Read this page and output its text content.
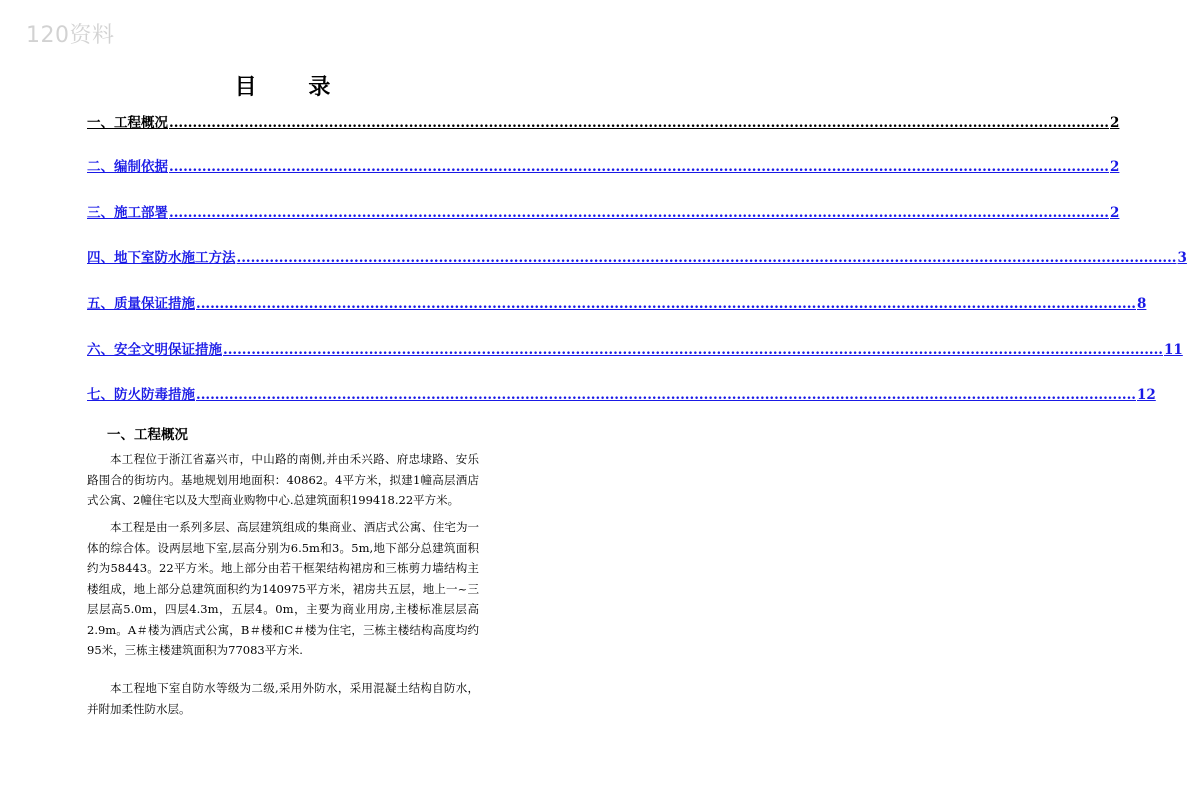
120资料
目 录
一、工程概况 ........................................................................................................................................................................................................ 2
二、编制依据 ........................................................................................................................................................................................................ 2
三、施工部署 ........................................................................................................................................................................................................ 2
四、地下室防水施工方法 ........................................................................................................................................................................................................ 3
五、质量保证措施 ........................................................................................................................................................................................................ 8
六、安全文明保证措施 ........................................................................................................................................................................................................ 11
七、防火防毒措施 ........................................................................................................................................................................................................ 12
一、工程概况

本工程位于浙江省嘉兴市，中山路的南侧,并由禾兴路、府忠埭路、安乐路围合的街坊内。基地规划用地面积：40862。4平方米，拟建1幢高层酒店式公寓、2幢住宅以及大型商业购物中心.总建筑面积199418.22平方米。

本工程是由一系列多层、高层建筑组成的集商业、酒店式公寓、住宅为一体的综合体。设两层地下室,层高分别为6.5m和3。5m,地下部分总建筑面积约为58443。22平方米。地上部分由若干框架结构裙房和三栋剪力墙结构主楼组成，地上部分总建筑面积约为140975平方米，裙房共五层，地上一~三层层高5.0m，四层4.3m，五层4。0m，主要为商业用房,主楼标准层层高2.9m。A＃楼为酒店式公寓，B＃楼和C＃楼为住宅，三栋主楼结构高度均约95米，三栋主楼建筑面积为77083平方米.

本工程地下室自防水等级为二级,采用外防水，采用混凝土结构自防水，并附加柔性防水层。
